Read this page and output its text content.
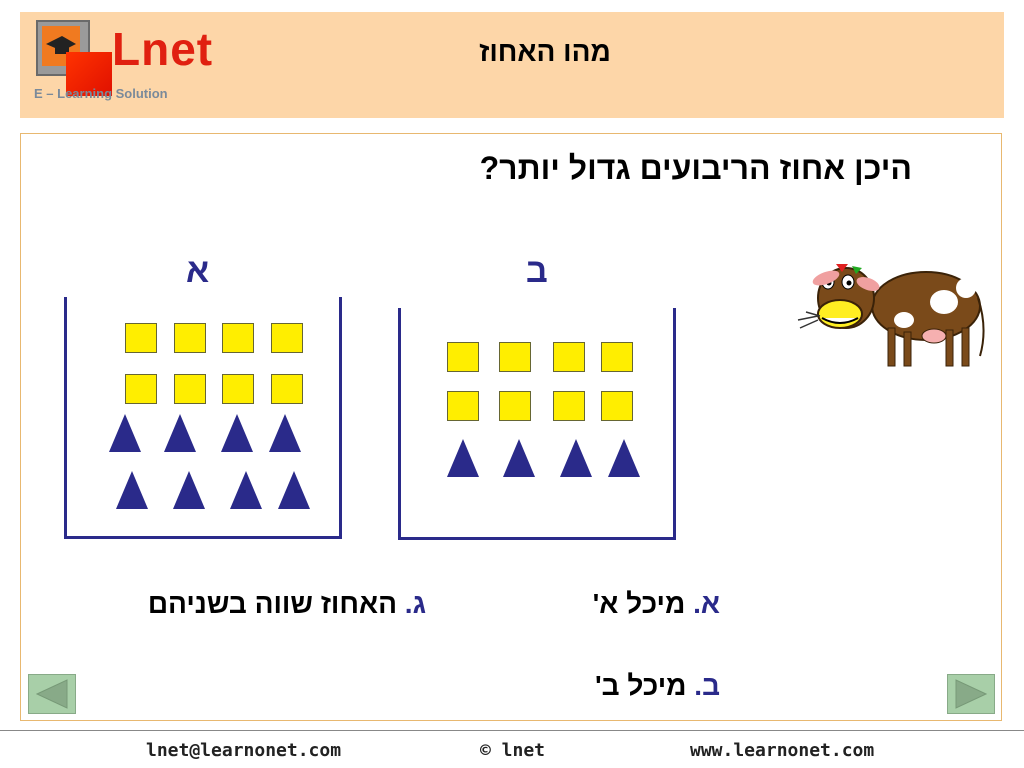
Lnet
E – Learning Solution
מהו האחוז
היכן אחוז הריבועים גדול יותר?
א	ב
א. מיכל א'
ב. מיכל ב'
ג. האחוז שווה בשניהם
lnet@learnonet.com	© lnet	www.learnonet.com
